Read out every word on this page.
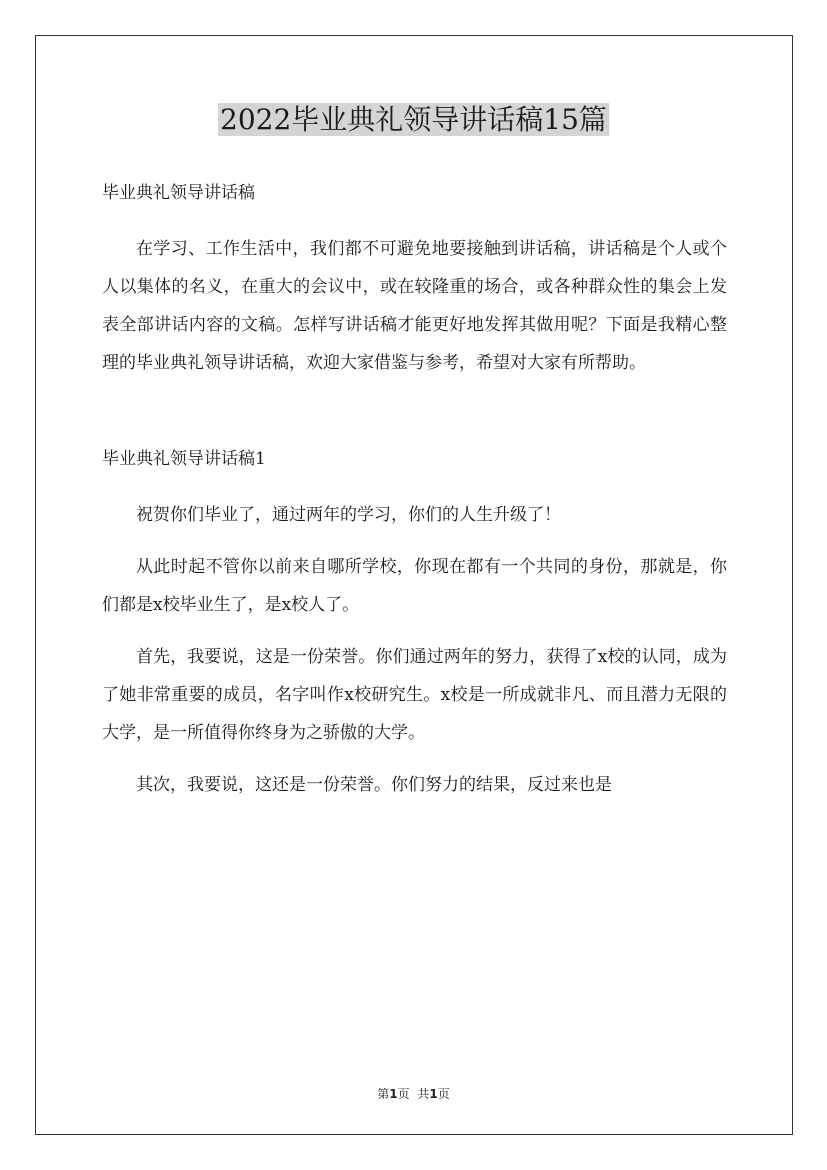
2022毕业典礼领导讲话稿15篇

毕业典礼领导讲话稿

在学习、工作生活中，我们都不可避免地要接触到讲话稿，讲话稿是个人或个人以集体的名义，在重大的会议中，或在较隆重的场合，或各种群众性的集会上发表全部讲话内容的文稿。怎样写讲话稿才能更好地发挥其做用呢？下面是我精心整理的毕业典礼领导讲话稿，欢迎大家借鉴与参考，希望对大家有所帮助。

毕业典礼领导讲话稿1

祝贺你们毕业了，通过两年的学习，你们的人生升级了！

从此时起不管你以前来自哪所学校，你现在都有一个共同的身份，那就是，你们都是x校毕业生了，是x校人了。

首先，我要说，这是一份荣誉。你们通过两年的努力，获得了x校的认同，成为了她非常重要的成员，名字叫作x校研究生。x校是一所成就非凡、而且潜力无限的大学，是一所值得你终身为之骄傲的大学。

其次，我要说，这还是一份荣誉。你们努力的结果，反过来也是

第1页 共1页
